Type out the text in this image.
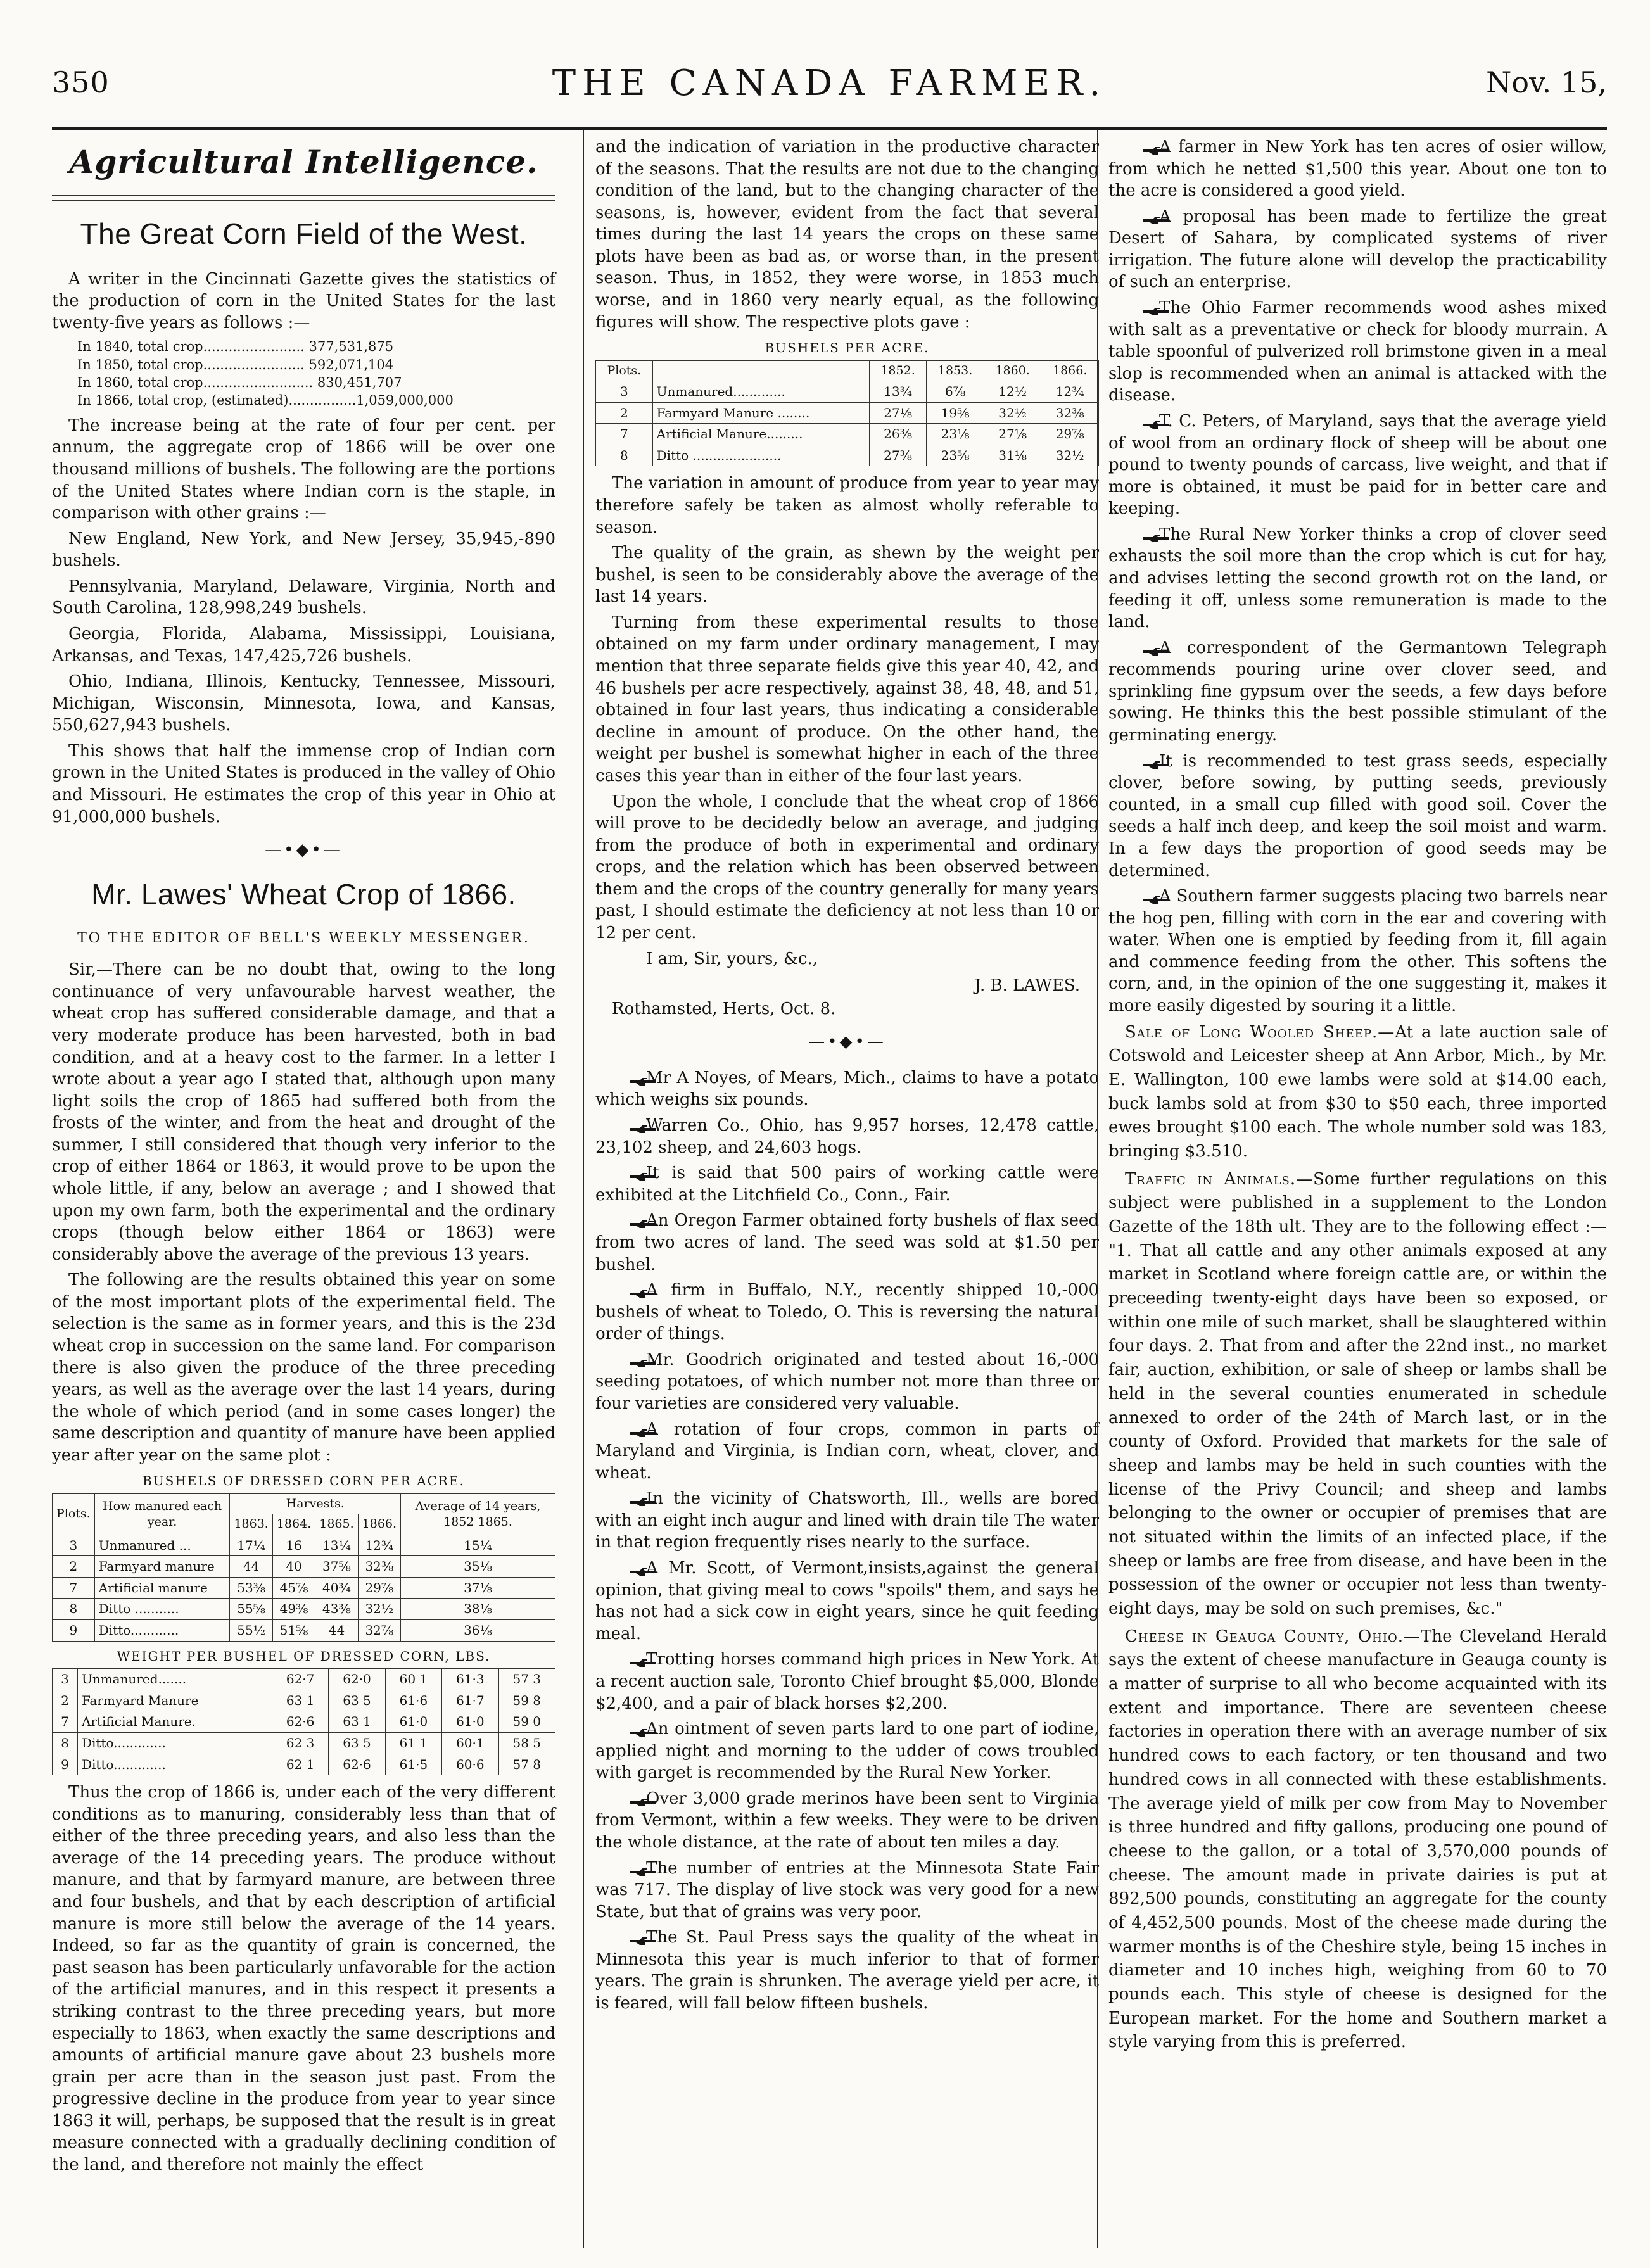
350	THE CANADA FARMER.	Nov. 15,
Agricultural Intelligence.
The Great Corn Field of the West.

A writer in the Cincinnati Gazette gives the statistics of the production of corn in the United States for the last twenty-five years as follows :—

In 1840, total crop........................ 377,531,875
In 1850, total crop........................ 592,071,104
In 1860, total crop.......................... 830,451,707
In 1866, total crop, (estimated)................1,059,000,000

The increase being at the rate of four per cent. per annum, the aggregate crop of 1866 will be over one thousand millions of bushels. The following are the portions of the United States where Indian corn is the staple, in comparison with other grains :—

New England, New York, and New Jersey, 35,945,-890 bushels.

Pennsylvania, Maryland, Delaware, Virginia, North and South Carolina, 128,998,249 bushels.

Georgia, Florida, Alabama, Mississippi, Louisiana, Arkansas, and Texas, 147,425,726 bushels.

Ohio, Indiana, Illinois, Kentucky, Tennessee, Missouri, Michigan, Wisconsin, Minnesota, Iowa, and Kansas, 550,627,943 bushels.

This shows that half the immense crop of Indian corn grown in the United States is produced in the valley of Ohio and Missouri. He estimates the crop of this year in Ohio at 91,000,000 bushels.

—•◆•—
Mr. Lawes' Wheat Crop of 1866.
TO THE EDITOR OF BELL'S WEEKLY MESSENGER.

Sir,—There can be no doubt that, owing to the long continuance of very unfavourable harvest weather, the wheat crop has suffered considerable damage, and that a very moderate produce has been harvested, both in bad condition, and at a heavy cost to the farmer. In a letter I wrote about a year ago I stated that, although upon many light soils the crop of 1865 had suffered both from the frosts of the winter, and from the heat and drought of the summer, I still considered that though very inferior to the crop of either 1864 or 1863, it would prove to be upon the whole little, if any, below an average ; and I showed that upon my own farm, both the experimental and the ordinary crops (though below either 1864 or 1863) were considerably above the average of the previous 13 years.

The following are the results obtained this year on some of the most important plots of the experimental field. The selection is the same as in former years, and this is the 23d wheat crop in succession on the same land. For comparison there is also given the produce of the three preceding years, as well as the average over the last 14 years, during the whole of which period (and in some cases longer) the same description and quantity of manure have been applied year after year on the same plot :

BUSHELS OF DRESSED CORN PER ACRE.
Plots.	How manured each year.	Harvests.				Average of 14 years, 1852 1865.
		1863.	1864.	1865.	1866.	
3	Unmanured ...	17¼	16	13¼	12¾	15¼
2	Farmyard manure	44	40	37⅝	32⅜	35⅛
7	Artificial manure	53⅜	45⅞	40¾	29⅞	37⅛
8	Ditto ...........	55⅝	49⅜	43⅜	32½	38⅛
9	Ditto............	55½	51⅝	44	32⅞	36⅛
WEIGHT PER BUSHEL OF DRESSED CORN, LBS.
3	Unmanured.......	62·7	62·0	60 1	61·3	57 3
2	Farmyard Manure	63 1	63 5	61·6	61·7	59 8
7	Artificial Manure.	62·6	63 1	61·0	61·0	59 0
8	Ditto.............	62 3	63 5	61 1	60·1	58 5
9	Ditto.............	62 1	62·6	61·5	60·6	57 8

Thus the crop of 1866 is, under each of the very different conditions as to manuring, considerably less than that of either of the three preceding years, and also less than the average of the 14 preceding years. The produce without manure, and that by farmyard manure, are between three and four bushels, and that by each description of artificial manure is more still below the average of the 14 years. Indeed, so far as the quantity of grain is concerned, the past season has been particularly unfavorable for the action of the artificial manures, and in this respect it presents a striking contrast to the three preceding years, but more especially to 1863, when exactly the same descriptions and amounts of artificial manure gave about 23 bushels more grain per acre than in the season just past. From the progressive decline in the produce from year to year since 1863 it will, perhaps, be supposed that the result is in great measure connected with a gradually declining condition of the land, and therefore not mainly the effect

and the indication of variation in the productive character of the seasons. That the results are not due to the changing condition of the land, but to the changing character of the seasons, is, however, evident from the fact that several times during the last 14 years the crops on these same plots have been as bad as, or worse than, in the present season. Thus, in 1852, they were worse, in 1853 much worse, and in 1860 very nearly equal, as the following figures will show. The respective plots gave :

BUSHELS PER ACRE.
Plots.		1852.	1853.	1860.	1866.
3	Unmanured.............	13¾	6⅞	12½	12¾
2	Farmyard Manure ........	27⅛	19⅝	32½	32⅜
7	Artificial Manure.........	26⅜	23⅛	27⅛	29⅞
8	Ditto ......................	27⅜	23⅝	31⅛	32½

The variation in amount of produce from year to year may therefore safely be taken as almost wholly referable to season.

The quality of the grain, as shewn by the weight per bushel, is seen to be considerably above the average of the last 14 years.

Turning from these experimental results to those obtained on my farm under ordinary management, I may mention that three separate fields give this year 40, 42, and 46 bushels per acre respectively, against 38, 48, 48, and 51, obtained in four last years, thus indicating a considerable decline in amount of produce. On the other hand, the weight per bushel is somewhat higher in each of the three cases this year than in either of the four last years.

Upon the whole, I conclude that the wheat crop of 1866 will prove to be decidedly below an average, and judging from the produce of both in experimental and ordinary crops, and the relation which has been observed between them and the crops of the country generally for many years past, I should estimate the deficiency at not less than 10 or 12 per cent.

I am, Sir, yours, &c.,

J. B. LAWES.

Rothamsted, Herts, Oct. 8.

—•◆•—

Mr A Noyes, of Mears, Mich., claims to have a potato which weighs six pounds.

Warren Co., Ohio, has 9,957 horses, 12,478 cattle, 23,102 sheep, and 24,603 hogs.

It is said that 500 pairs of working cattle were exhibited at the Litchfield Co., Conn., Fair.

An Oregon Farmer obtained forty bushels of flax seed from two acres of land. The seed was sold at $1.50 per bushel.

A firm in Buffalo, N.Y., recently shipped 10,-000 bushels of wheat to Toledo, O. This is reversing the natural order of things.

Mr. Goodrich originated and tested about 16,-000 seeding potatoes, of which number not more than three or four varieties are considered very valuable.

A rotation of four crops, common in parts of Maryland and Virginia, is Indian corn, wheat, clover, and wheat.

In the vicinity of Chatsworth, Ill., wells are bored with an eight inch augur and lined with drain tile The water in that region frequently rises nearly to the surface.

A Mr. Scott, of Vermont,insists,against the general opinion, that giving meal to cows "spoils" them, and says he has not had a sick cow in eight years, since he quit feeding meal.

Trotting horses command high prices in New York. At a recent auction sale, Toronto Chief brought $5,000, Blonde $2,400, and a pair of black horses $2,200.

An ointment of seven parts lard to one part of iodine, applied night and morning to the udder of cows troubled with garget is recommended by the Rural New Yorker.

Over 3,000 grade merinos have been sent to Virginia from Vermont, within a few weeks. They were to be driven the whole distance, at the rate of about ten miles a day.

The number of entries at the Minnesota State Fair was 717. The display of live stock was very good for a new State, but that of grains was very poor.

The St. Paul Press says the quality of the wheat in Minnesota this year is much inferior to that of former years. The grain is shrunken. The average yield per acre, it is feared, will fall below fifteen bushels.

A farmer in New York has ten acres of osier willow, from which he netted $1,500 this year. About one ton to the acre is considered a good yield.

A proposal has been made to fertilize the great Desert of Sahara, by complicated systems of river irrigation. The future alone will develop the practicability of such an enterprise.

The Ohio Farmer recommends wood ashes mixed with salt as a preventative or check for bloody murrain. A table spoonful of pulverized roll brimstone given in a meal slop is recommended when an animal is attacked with the disease.

T. C. Peters, of Maryland, says that the average yield of wool from an ordinary flock of sheep will be about one pound to twenty pounds of carcass, live weight, and that if more is obtained, it must be paid for in better care and keeping.

The Rural New Yorker thinks a crop of clover seed exhausts the soil more than the crop which is cut for hay, and advises letting the second growth rot on the land, or feeding it off, unless some remuneration is made to the land.

A correspondent of the Germantown Telegraph recommends pouring urine over clover seed, and sprinkling fine gypsum over the seeds, a few days before sowing. He thinks this the best possible stimulant of the germinating energy.

It is recommended to test grass seeds, especially clover, before sowing, by putting seeds, previously counted, in a small cup filled with good soil. Cover the seeds a half inch deep, and keep the soil moist and warm. In a few days the proportion of good seeds may be determined.

A Southern farmer suggests placing two barrels near the hog pen, filling with corn in the ear and covering with water. When one is emptied by feeding from it, fill again and commence feeding from the other. This softens the corn, and, in the opinion of the one suggesting it, makes it more easily digested by souring it a little.

Sale of Long Wooled Sheep.—At a late auction sale of Cotswold and Leicester sheep at Ann Arbor, Mich., by Mr. E. Wallington, 100 ewe lambs were sold at $14.00 each, buck lambs sold at from $30 to $50 each, three imported ewes brought $100 each. The whole number sold was 183, bringing $3.510.

Traffic in Animals.—Some further regulations on this subject were published in a supplement to the London Gazette of the 18th ult. They are to the following effect :— "1. That all cattle and any other animals exposed at any market in Scotland where foreign cattle are, or within the preceeding twenty-eight days have been so exposed, or within one mile of such market, shall be slaughtered within four days. 2. That from and after the 22nd inst., no market fair, auction, exhibition, or sale of sheep or lambs shall be held in the several counties enumerated in schedule annexed to order of the 24th of March last, or in the county of Oxford. Provided that markets for the sale of sheep and lambs may be held in such counties with the license of the Privy Council; and sheep and lambs belonging to the owner or occupier of premises that are not situated within the limits of an infected place, if the sheep or lambs are free from disease, and have been in the possession of the owner or occupier not less than twenty-eight days, may be sold on such premises, &c."

Cheese in Geauga County, Ohio.—The Cleveland Herald says the extent of cheese manufacture in Geauga county is a matter of surprise to all who become acquainted with its extent and importance. There are seventeen cheese factories in operation there with an average number of six hundred cows to each factory, or ten thousand and two hundred cows in all connected with these establishments. The average yield of milk per cow from May to November is three hundred and fifty gallons, producing one pound of cheese to the gallon, or a total of 3,570,000 pounds of cheese. The amount made in private dairies is put at 892,500 pounds, constituting an aggregate for the county of 4,452,500 pounds. Most of the cheese made during the warmer months is of the Cheshire style, being 15 inches in diameter and 10 inches high, weighing from 60 to 70 pounds each. This style of cheese is designed for the European market. For the home and Southern market a style varying from this is preferred.
